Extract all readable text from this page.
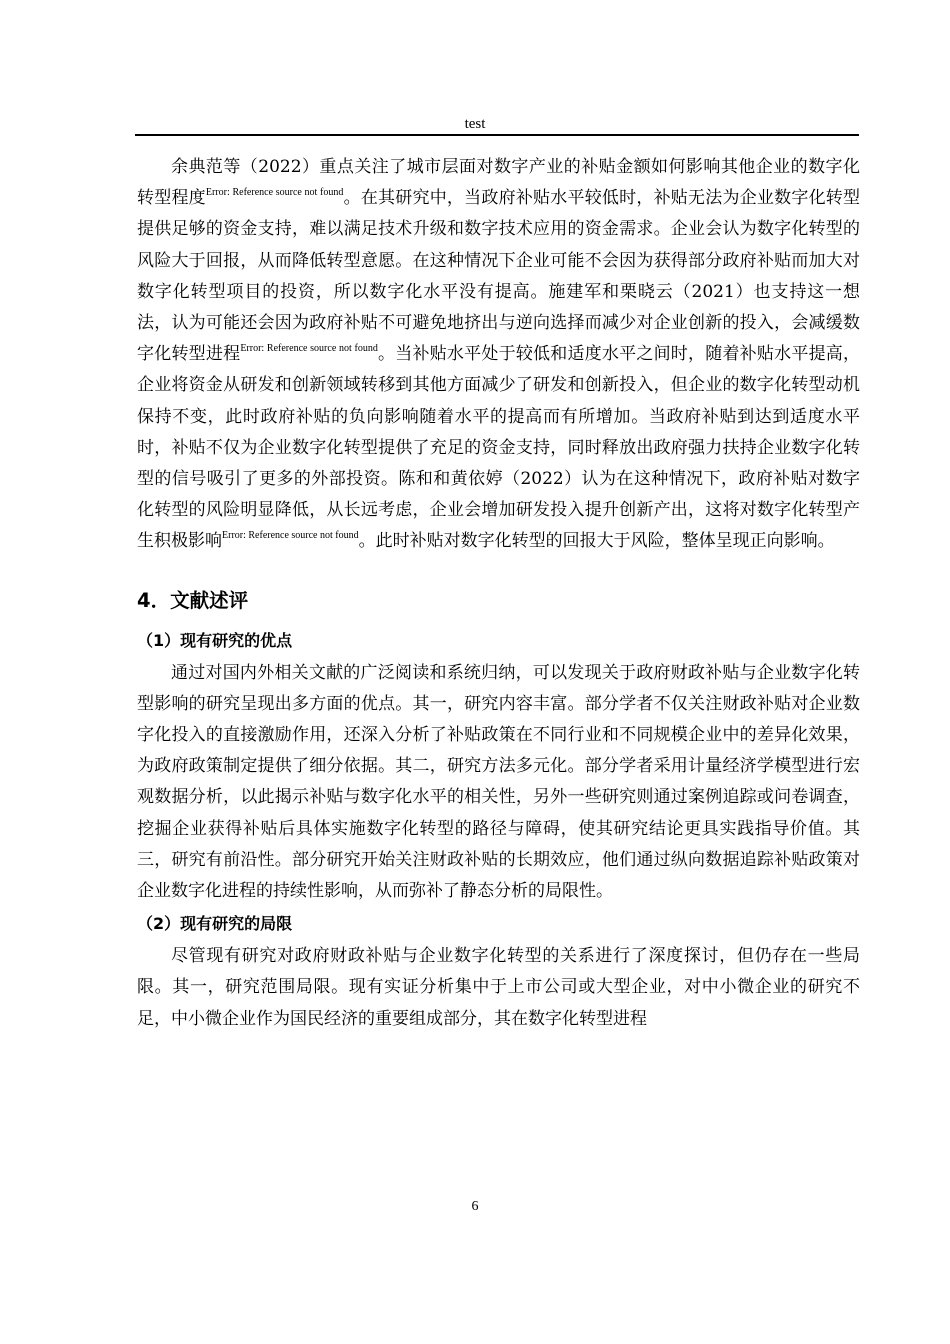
test

余典范等（2022）重点关注了城市层面对数字产业的补贴金额如何影响其他企业的数字化转型程度$^{Error: Reference source not found}$。在其研究中，当政府补贴水平较低时，补贴无法为企业数字化转型提供足够的资金支持，难以满足技术升级和数字技术应用的资金需求。企业会认为数字化转型的风险大于回报，从而降低转型意愿。在这种情况下企业可能不会因为获得部分政府补贴而加大对数字化转型项目的投资，所以数字化水平没有提高。施建军和栗晓云（2021）也支持这一想法，认为可能还会因为政府补贴不可避免地挤出与逆向选择而减少对企业创新的投入，会减缓数字化转型进程$^{Error: Reference source not found}$。当补贴水平处于较低和适度水平之间时，随着补贴水平提高，企业将资金从研发和创新领域转移到其他方面减少了研发和创新投入，但企业的数字化转型动机保持不变，此时政府补贴的负向影响随着水平的提高而有所增加。当政府补贴到达到适度水平时，补贴不仅为企业数字化转型提供了充足的资金支持，同时释放出政府强力扶持企业数字化转型的信号吸引了更多的外部投资。陈和和黄依婷（2022）认为在这种情况下，政府补贴对数字化转型的风险明显降低，从长远考虑，企业会增加研发投入提升创新产出，这将对数字化转型产生积极影响$^{Error: Reference source not found}$。此时补贴对数字化转型的回报大于风险，整体呈现正向影响。

4．文献述评
（1）现有研究的优点

通过对国内外相关文献的广泛阅读和系统归纳，可以发现关于政府财政补贴与企业数字化转型影响的研究呈现出多方面的优点。其一，研究内容丰富。部分学者不仅关注财政补贴对企业数字化投入的直接激励作用，还深入分析了补贴政策在不同行业和不同规模企业中的差异化效果，为政府政策制定提供了细分依据。其二，研究方法多元化。部分学者采用计量经济学模型进行宏观数据分析，以此揭示补贴与数字化水平的相关性，另外一些研究则通过案例追踪或问卷调查，挖掘企业获得补贴后具体实施数字化转型的路径与障碍，使其研究结论更具实践指导价值。其三，研究有前沿性。部分研究开始关注财政补贴的长期效应，他们通过纵向数据追踪补贴政策对企业数字化进程的持续性影响，从而弥补了静态分析的局限性。

（2）现有研究的局限

尽管现有研究对政府财政补贴与企业数字化转型的关系进行了深度探讨，但仍存在一些局限。其一，研究范围局限。现有实证分析集中于上市公司或大型企业，对中小微企业的研究不足，中小微企业作为国民经济的重要组成部分，其在数字化转型进程

6
